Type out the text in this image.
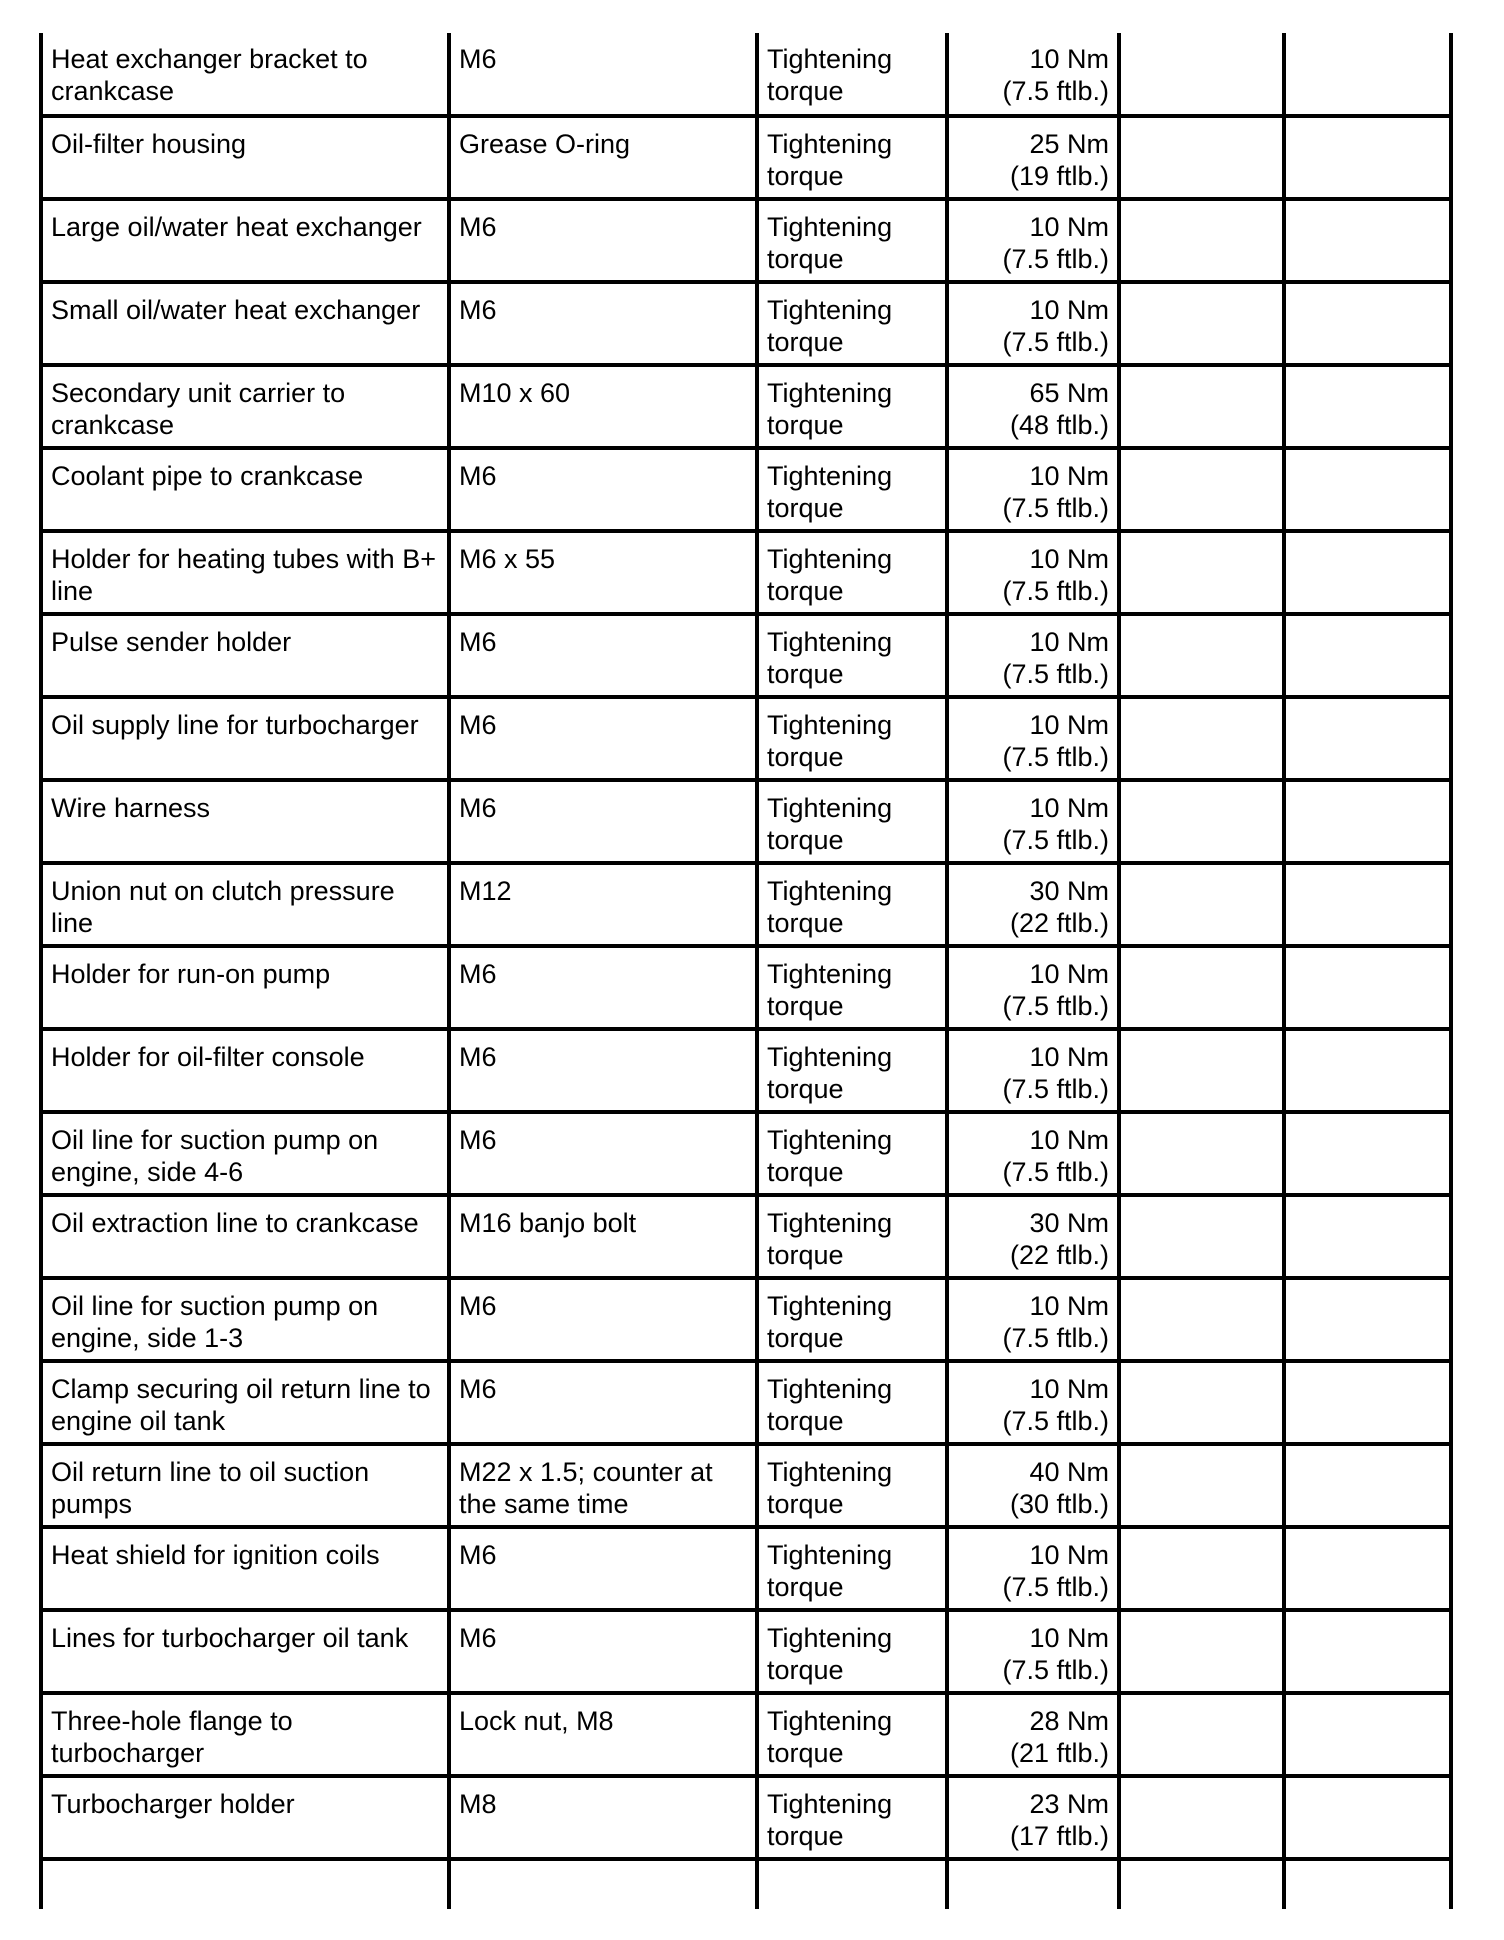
Heat exchanger bracket to crankcase	M6	Tightening torque	10 Nm
(7.5 ftlb.)		

Oil-filter housing	Grease O-ring	Tightening torque	25 Nm
(19 ftlb.)		

Large oil/water heat exchanger	M6	Tightening torque	10 Nm
(7.5 ftlb.)		

Small oil/water heat exchanger	M6	Tightening torque	10 Nm
(7.5 ftlb.)		

Secondary unit carrier to crankcase	M10 x 60	Tightening torque	65 Nm
(48 ftlb.)		

Coolant pipe to crankcase	M6	Tightening torque	10 Nm
(7.5 ftlb.)		

Holder for heating tubes with B+ line	M6 x 55	Tightening torque	10 Nm
(7.5 ftlb.)		

Pulse sender holder	M6	Tightening torque	10 Nm
(7.5 ftlb.)		

Oil supply line for turbocharger	M6	Tightening torque	10 Nm
(7.5 ftlb.)		

Wire harness	M6	Tightening torque	10 Nm
(7.5 ftlb.)		

Union nut on clutch pressure line	M12	Tightening torque	30 Nm
(22 ftlb.)		

Holder for run-on pump	M6	Tightening torque	10 Nm
(7.5 ftlb.)		

Holder for oil-filter console	M6	Tightening torque	10 Nm
(7.5 ftlb.)		

Oil line for suction pump on engine, side 4-6	M6	Tightening torque	10 Nm
(7.5 ftlb.)		

Oil extraction line to crankcase	M16 banjo bolt	Tightening torque	30 Nm
(22 ftlb.)		

Oil line for suction pump on engine, side 1-3	M6	Tightening torque	10 Nm
(7.5 ftlb.)		

Clamp securing oil return line to engine oil tank	M6	Tightening torque	10 Nm
(7.5 ftlb.)		

Oil return line to oil suction pumps	M22 x 1.5; counter at the same time	Tightening torque	40 Nm
(30 ftlb.)		

Heat shield for ignition coils	M6	Tightening torque	10 Nm
(7.5 ftlb.)		

Lines for turbocharger oil tank	M6	Tightening torque	10 Nm
(7.5 ftlb.)		

Three-hole flange to turbocharger	Lock nut, M8	Tightening torque	28 Nm
(21 ftlb.)		

Turbocharger holder	M8	Tightening torque	23 Nm
(17 ftlb.)		
